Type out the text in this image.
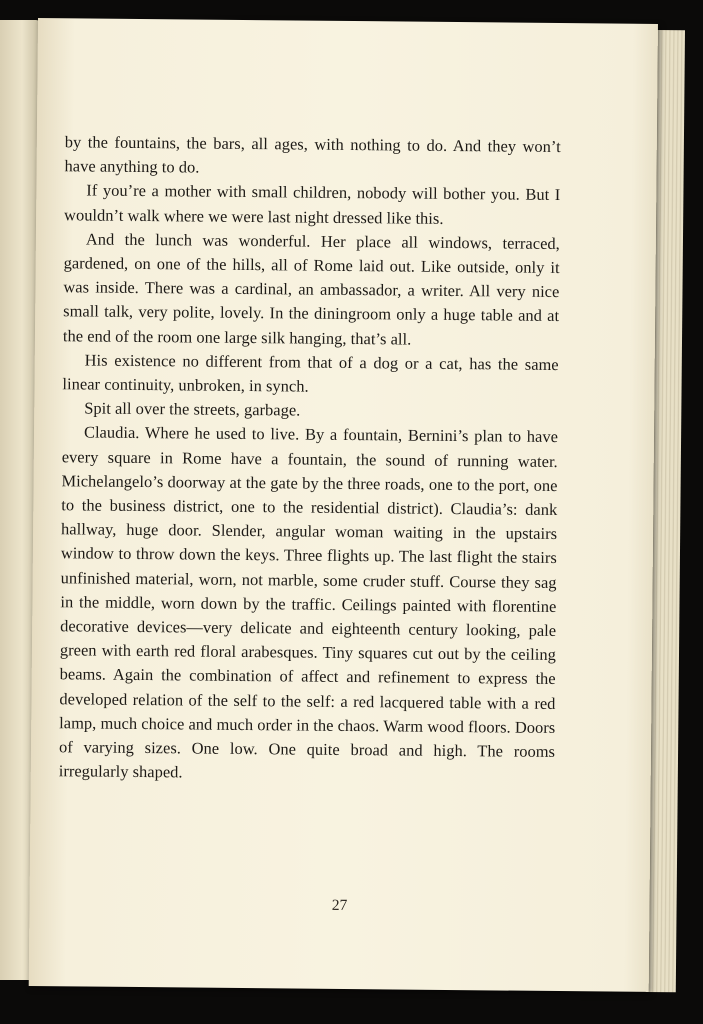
by the fountains, the bars, all ages, with nothing to do. And they won’t have anything to do.

If you’re a mother with small children, nobody will bother you. But I wouldn’t walk where we were last night dressed like this.

And the lunch was wonderful. Her place all windows, terraced, gardened, on one of the hills, all of Rome laid out. Like outside, only it was inside. There was a cardinal, an ambassador, a writer. All very nice small talk, very polite, lovely. In the diningroom only a huge table and at the end of the room one large silk hanging, that’s all.

His existence no different from that of a dog or a cat, has the same linear continuity, unbroken, in synch.

Spit all over the streets, garbage.

Claudia. Where he used to live. By a fountain, Bernini’s plan to have every square in Rome have a fountain, the sound of running water. Michelangelo’s doorway at the gate by the three roads, one to the port, one to the business district, one to the residential district). Claudia’s: dank hallway, huge door. Slender, angular woman waiting in the upstairs window to throw down the keys. Three flights up. The last flight the stairs unfinished material, worn, not marble, some cruder stuff. Course they sag in the middle, worn down by the traffic. Ceilings painted with florentine decorative devices—very delicate and eighteenth century looking, pale green with earth red floral arabesques. Tiny squares cut out by the ceiling beams. Again the combination of affect and refinement to express the developed relation of the self to the self: a red lacquered table with a red lamp, much choice and much order in the chaos. Warm wood floors. Doors of varying sizes. One low. One quite broad and high. The rooms irregularly shaped.

27
